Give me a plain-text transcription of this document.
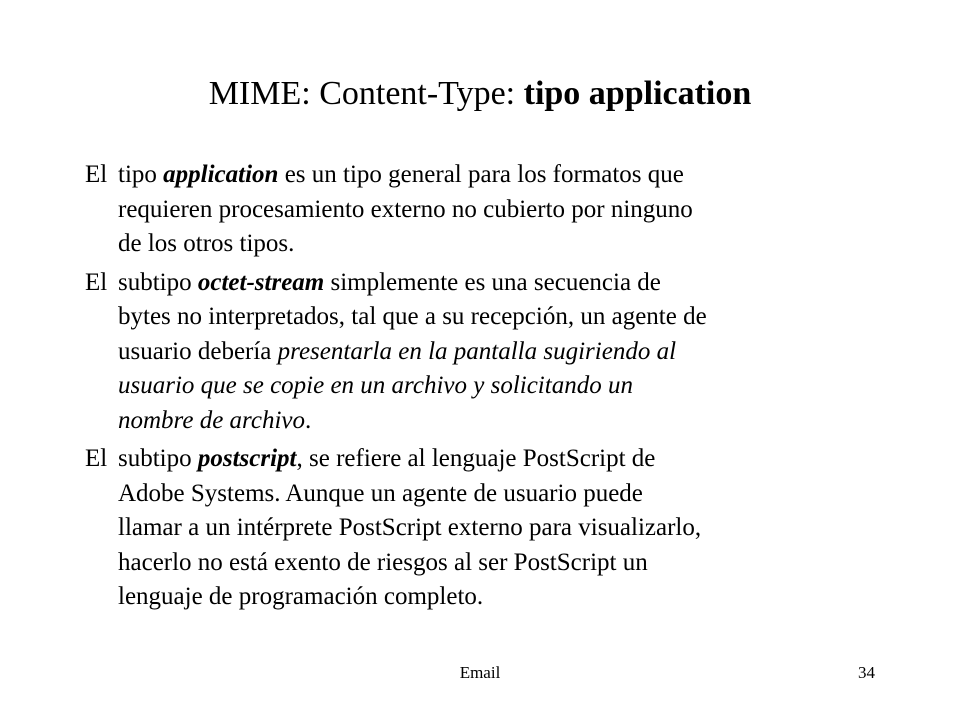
MIME: Content-Type: tipo application
El tipo application es un tipo general para los formatos que
requieren procesamiento externo no cubierto por ninguno
de los otros tipos.
El subtipo octet-stream simplemente es una secuencia de
bytes no interpretados, tal que a su recepción, un agente de
usuario debería presentarla en la pantalla sugiriendo al
usuario que se copie en un archivo y solicitando un
nombre de archivo.
El subtipo postscript, se refiere al lenguaje PostScript de
Adobe Systems. Aunque un agente de usuario puede
llamar a un intérprete PostScript externo para visualizarlo,
hacerlo no está exento de riesgos al ser PostScript un
lenguaje de programación completo.
Email	34
